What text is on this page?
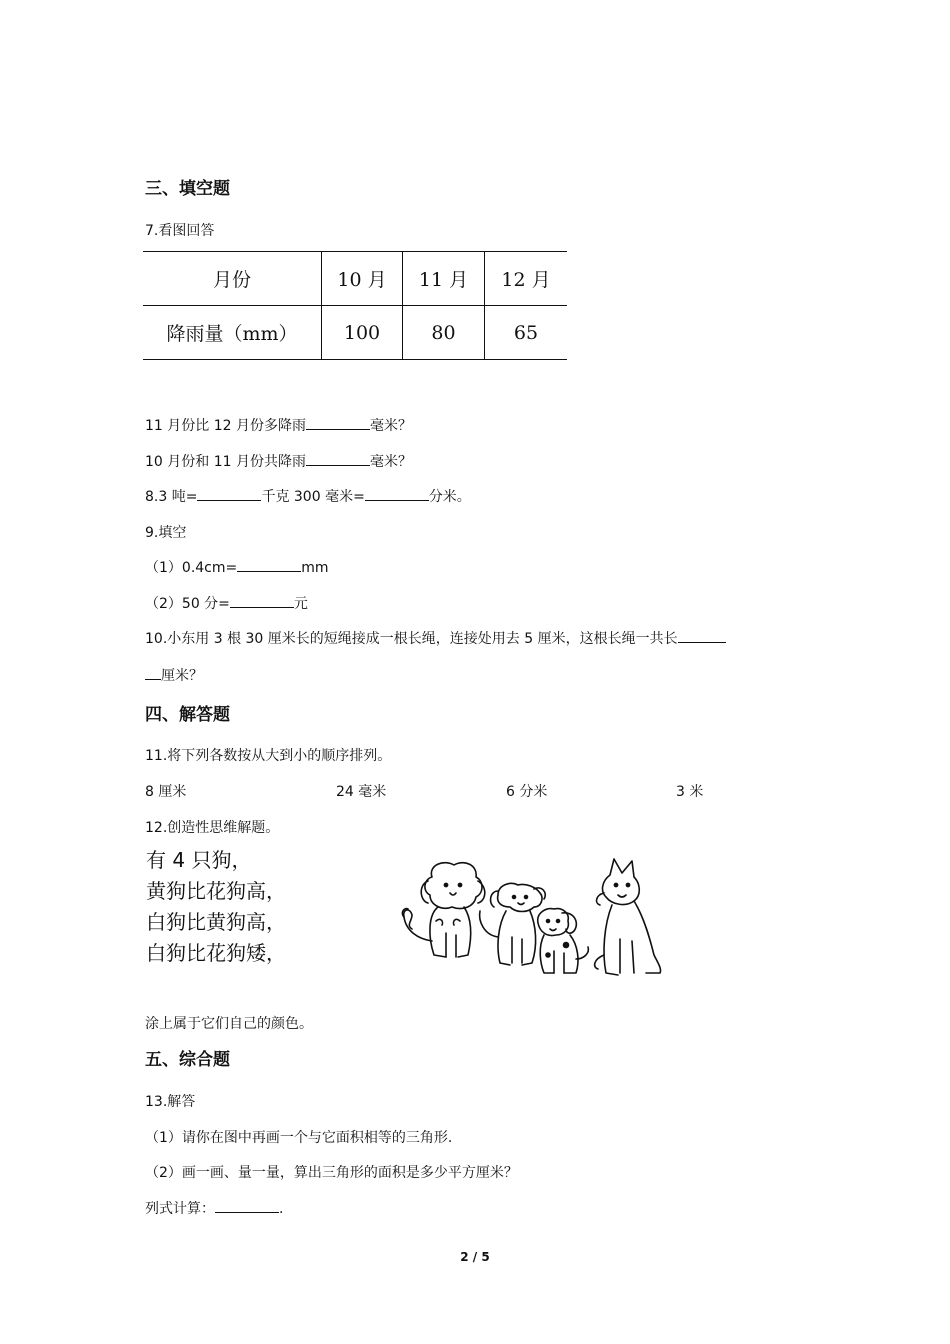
三、填空题
7.看图回答
月份	10 月	11 月	12 月
降雨量（mm）	100	80	65
11 月份比 12 月份多降雨	毫米？
10 月份和 11 月份共降雨	毫米？
8.3 吨=	千克 300 毫米=	分米。
9.填空
（1）0.4cm=	mm
（2）50 分=	元
10.小东用 3 根 30 厘米长的短绳接成一根长绳，连接处用去 5 厘米，这根长绳一共长
厘米？
四、解答题
11.将下列各数按从大到小的顺序排列。
8 厘米	24 毫米	6 分米	3 米
12.创造性思维解题。
有 4 只狗，
黄狗比花狗高，
白狗比黄狗高，
白狗比花狗矮，
涂上属于它们自己的颜色。
五、综合题
13.解答
（1）请你在图中再画一个与它面积相等的三角形.
（2）画一画、量一量，算出三角形的面积是多少平方厘米？
列式计算：	.
2 / 5
